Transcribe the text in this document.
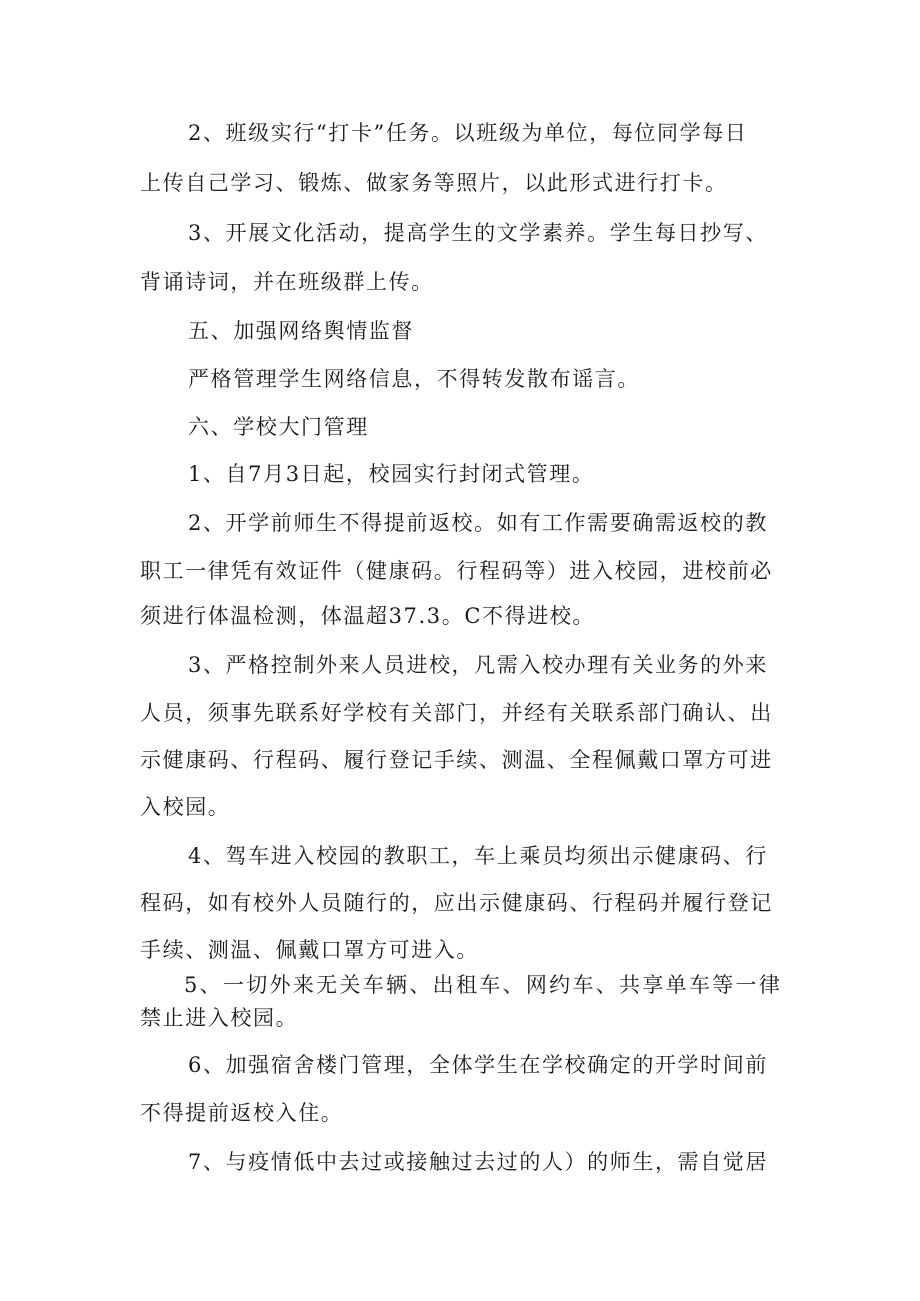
2、班级实行“打卡”任务。以班级为单位，每位同学每日
上传自己学习、锻炼、做家务等照片，以此形式进行打卡。
3、开展文化活动，提高学生的文学素养。学生每日抄写、
背诵诗词，并在班级群上传。
五、加强网络舆情监督
严格管理学生网络信息，不得转发散布谣言。
六、学校大门管理
1、自7月3日起，校园实行封闭式管理。
2、开学前师生不得提前返校。如有工作需要确需返校的教
职工一律凭有效证件（健康码。行程码等）进入校园，进校前必
须进行体温检测，体温超37.3。C不得进校。
3、严格控制外来人员进校，凡需入校办理有关业务的外来
人员，须事先联系好学校有关部门，并经有关联系部门确认、出
示健康码、行程码、履行登记手续、测温、全程佩戴口罩方可进
入校园。
4、驾车进入校园的教职工，车上乘员均须出示健康码、行
程码，如有校外人员随行的，应出示健康码、行程码并履行登记
手续、测温、佩戴口罩方可进入。
5、一切外来无关车辆、出租车、网约车、共享单车等一律
禁止进入校园。
6、加强宿舍楼门管理，全体学生在学校确定的开学时间前
不得提前返校入住。
7、与疫情低中去过或接触过去过的人）的师生，需自觉居
